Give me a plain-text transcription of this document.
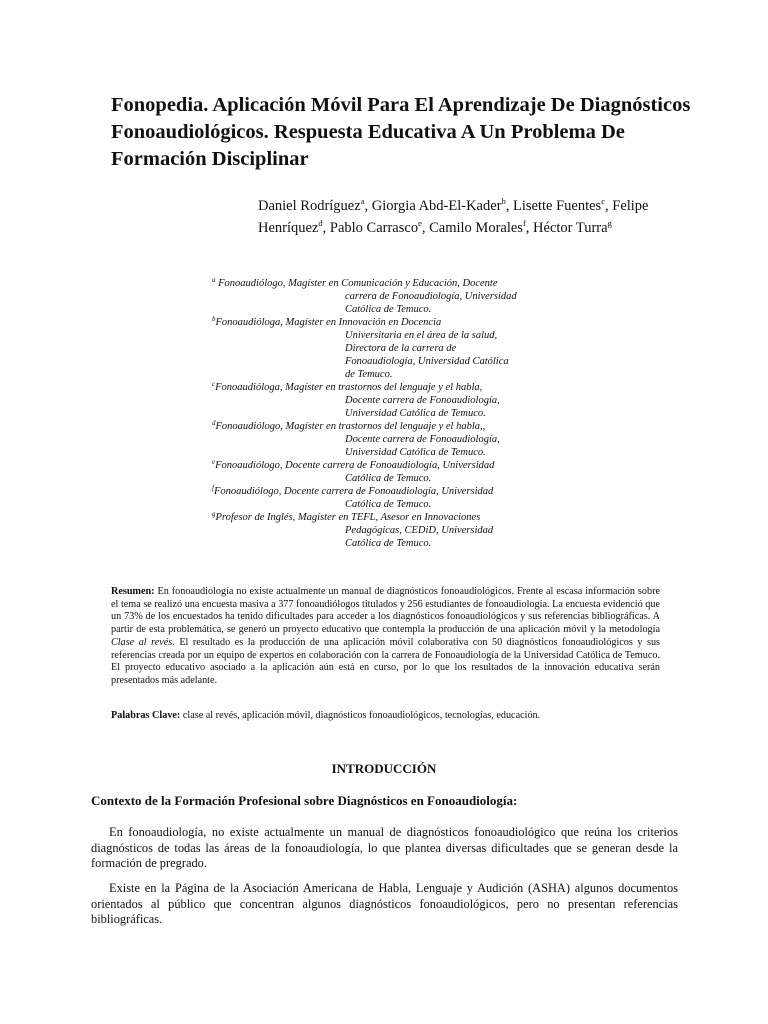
Fonopedia. Aplicación Móvil Para El Aprendizaje De Diagnósticos Fonoaudiológicos. Respuesta Educativa A Un Problema De Formación Disciplinar

Daniel Rodríguez$^a$, Giorgia Abd-El-Kader$^b$, Lisette Fuentes$^c$, Felipe Henríquez$^d$, Pablo Carrasco$^e$, Camilo Morales$^f$, Héctor Turra$^g$

$^a$ Fonoaudiólogo, Magíster en Comunicación y Educación, Docente
carrera de Fonoaudiología, Universidad
Católica de Temuco.

$^b$Fonoaudióloga, Magíster en Innovación en Docencia
Universitaria en el área de la salud,
Directora de la carrera de
Fonoaudiología, Universidad Católica
de Temuco.

$^c$Fonoaudióloga, Magíster en trastornos del lenguaje y el habla,
Docente carrera de Fonoaudiología,
Universidad Católica de Temuco.

$^d$Fonoaudiólogo, Magíster en trastornos del lenguaje y el habla,,
Docente carrera de Fonoaudiología,
Universidad Católica de Temuco.

$^e$Fonoaudiólogo, Docente carrera de Fonoaudiología, Universidad
Católica de Temuco.

$^f$Fonoaudiólogo, Docente carrera de Fonoaudiología, Universidad
Católica de Temuco.

$^g$Profesor de Inglés, Magíster en TEFL, Asesor en Innovaciones
Pedagógicas, CEDiD, Universidad
Católica de Temuco.

Resumen: En fonoaudiología no existe actualmente un manual de diagnósticos fonoaudiológicos. Frente al escasa información sobre el tema se realizó una encuesta masiva a 377 fonoaudiólogos titulados y 256 estudiantes de fonoaudiología. La encuesta evidenció que un 73% de los encuestados ha tenido dificultades para acceder a los diagnósticos fonoaudiológicos y sus referencias bibliográficas. A partir de esta problemática, se generó un proyecto educativo que contempla la producción de una aplicación móvil y la metodología Clase al revés. El resultado es la producción de una aplicación móvil colaborativa con 50 diagnósticos fonoaudiológicos y sus referencias creada por un equipo de expertos en colaboración con la carrera de Fonoaudiología de la Universidad Católica de Temuco. El proyecto educativo asociado a la aplicación aún está en curso, por lo que los resultados de la innovación educativa serán presentados más adelante.

Palabras Clave: clase al revés, aplicación móvil, diagnósticos fonoaudiológicos, tecnologías, educación.

INTRODUCCIÓN
Contexto de la Formación Profesional sobre Diagnósticos en Fonoaudiología:

En fonoaudiología, no existe actualmente un manual de diagnósticos fonoaudiológico que reúna los criterios diagnósticos de todas las áreas de la fonoaudiología, lo que plantea diversas dificultades que se generan desde la formación de pregrado.

Existe en la Página de la Asociación Americana de Habla, Lenguaje y Audición (ASHA) algunos documentos orientados al público que concentran algunos diagnósticos fonoaudiológicos, pero no presentan referencias bibliográficas.
